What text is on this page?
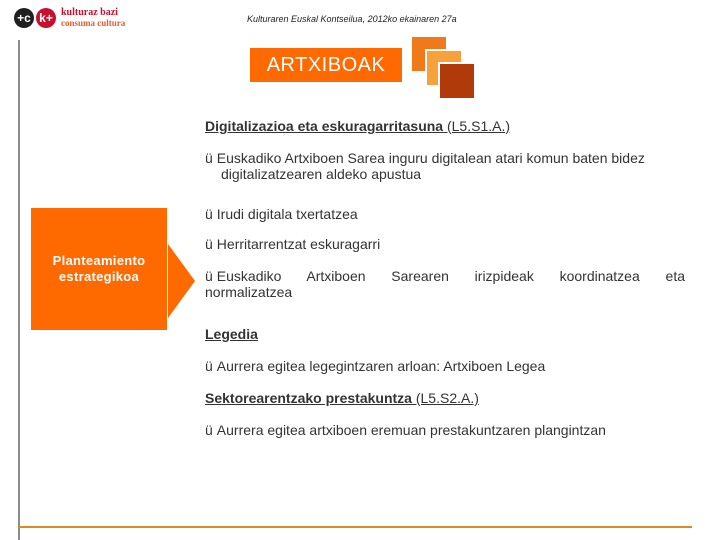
+c k+ kulturaz bazi
consuma cultura	Kulturaren Euskal Kontseilua, 2012ko ekainaren 27a
ARTXIBOAK
Planteamiento
estrategikoa
Digitalizazioa eta eskuragarritasuna (L5.S1.A.)
ü Euskadiko Artxiboen Sarea inguru digitalean atari komun baten bidez
digitalizatzearen aldeko apustua
ü Irudi digitala txertatzea
ü Herritarrentzat eskuragarri
ü Euskadiko Artxiboen Sarearen irizpideak koordinatzea eta
normalizatzea
Legedia
ü Aurrera egitea legegintzaren arloan: Artxiboen Legea
Sektorearentzako prestakuntza (L5.S2.A.)
ü Aurrera egitea artxiboen eremuan prestakuntzaren plangintzan
